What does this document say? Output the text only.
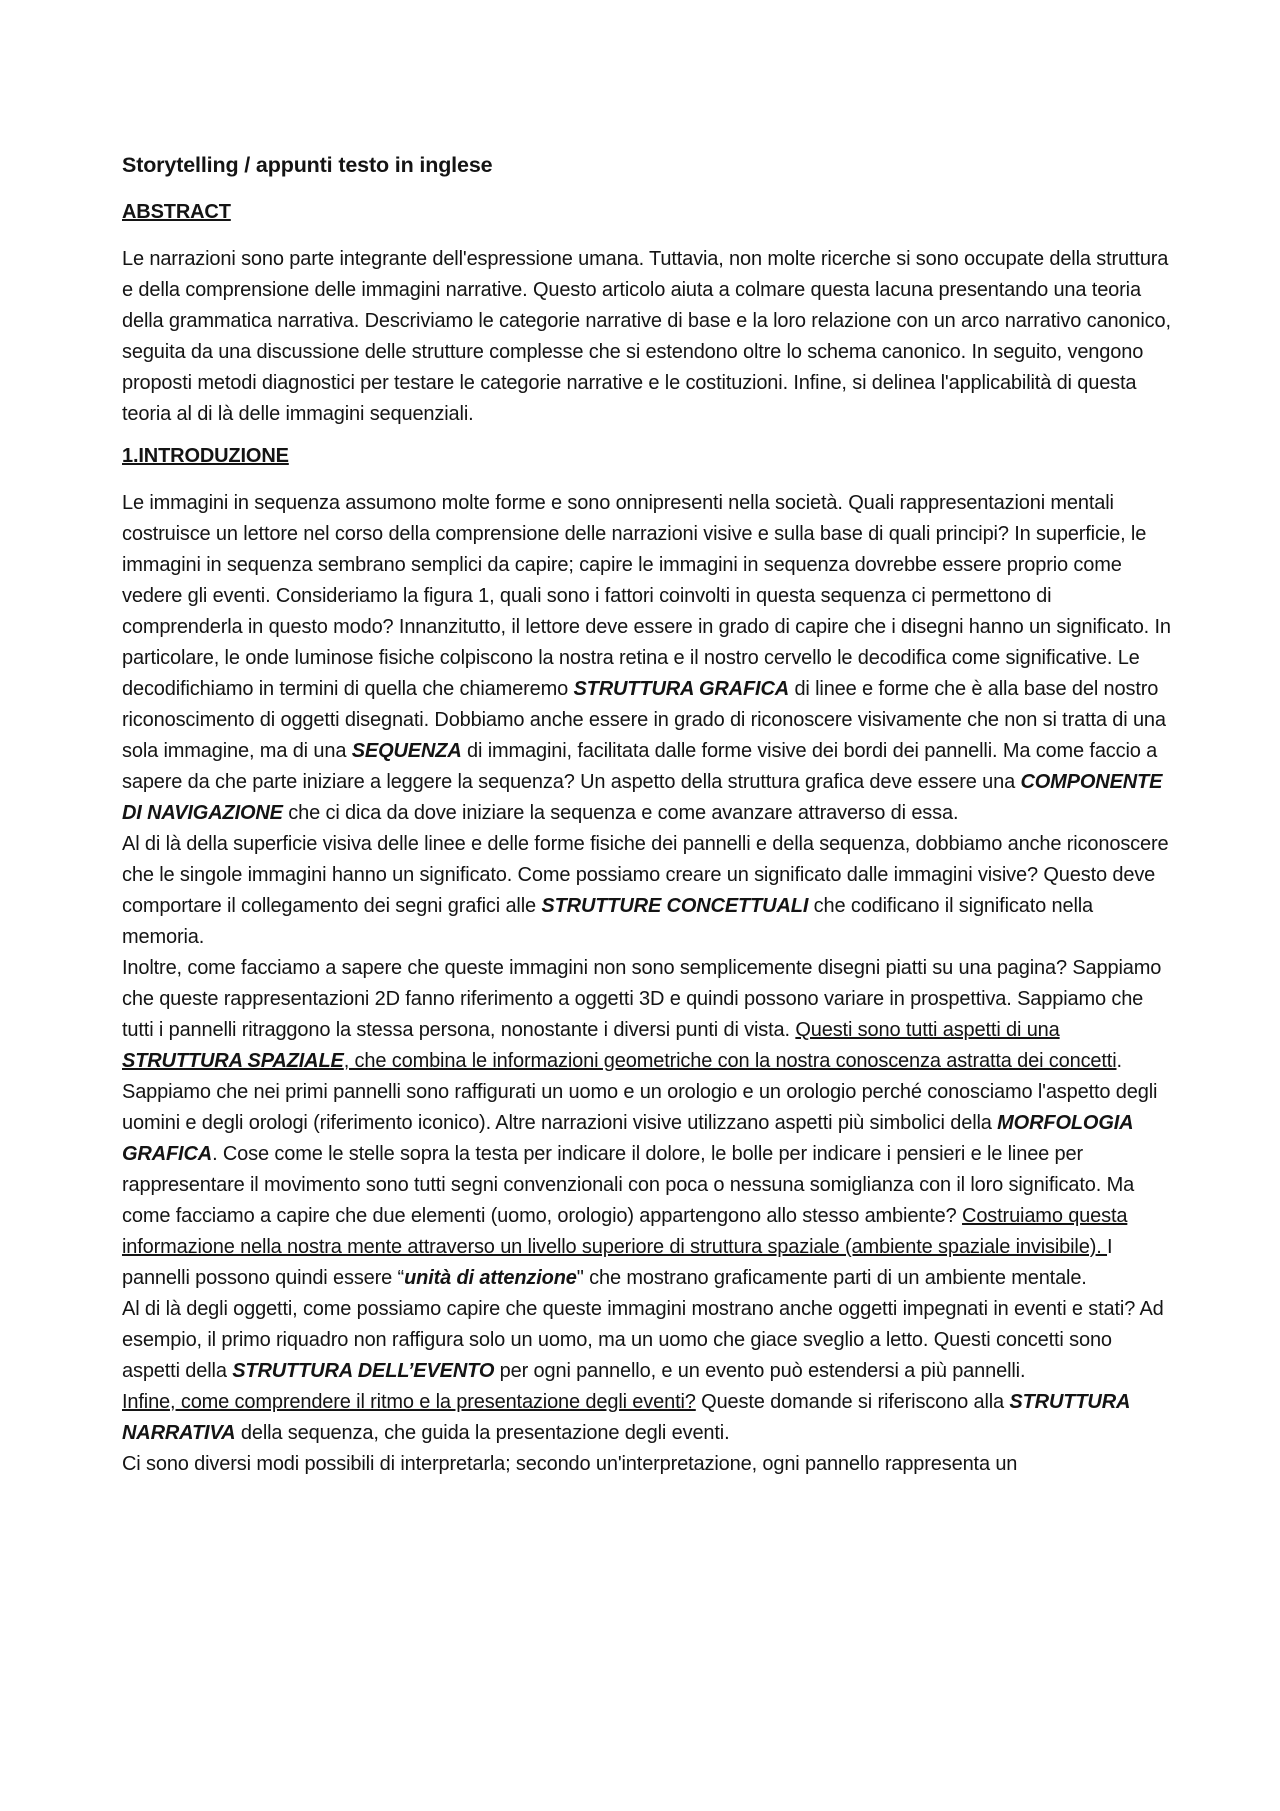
Storytelling / appunti testo in inglese
ABSTRACT
Le narrazioni sono parte integrante dell'espressione umana. Tuttavia, non molte ricerche si sono occupate della struttura e della comprensione delle immagini narrative. Questo articolo aiuta a colmare questa lacuna presentando una teoria della grammatica narrativa. Descriviamo le categorie narrative di base e la loro relazione con un arco narrativo canonico, seguita da una discussione delle strutture complesse che si estendono oltre lo schema canonico. In seguito, vengono proposti metodi diagnostici per testare le categorie narrative e le costituzioni. Infine, si delinea l'applicabilità di questa teoria al di là delle immagini sequenziali.
1.INTRODUZIONE
Le immagini in sequenza assumono molte forme e sono onnipresenti nella società. Quali rappresentazioni mentali costruisce un lettore nel corso della comprensione delle narrazioni visive e sulla base di quali principi? In superficie, le immagini in sequenza sembrano semplici da capire; capire le immagini in sequenza dovrebbe essere proprio come vedere gli eventi. Consideriamo la figura 1, quali sono i fattori coinvolti in questa sequenza ci permettono di comprenderla in questo modo? Innanzitutto, il lettore deve essere in grado di capire che i disegni hanno un significato. In particolare, le onde luminose fisiche colpiscono la nostra retina e il nostro cervello le decodifica come significative. Le decodifichiamo in termini di quella che chiameremo STRUTTURA GRAFICA di linee e forme che è alla base del nostro riconoscimento di oggetti disegnati. Dobbiamo anche essere in grado di riconoscere visivamente che non si tratta di una sola immagine, ma di una SEQUENZA di immagini, facilitata dalle forme visive dei bordi dei pannelli. Ma come faccio a sapere da che parte iniziare a leggere la sequenza? Un aspetto della struttura grafica deve essere una COMPONENTE DI NAVIGAZIONE che ci dica da dove iniziare la sequenza e come avanzare attraverso di essa.
Al di là della superficie visiva delle linee e delle forme fisiche dei pannelli e della sequenza, dobbiamo anche riconoscere che le singole immagini hanno un significato. Come possiamo creare un significato dalle immagini visive? Questo deve comportare il collegamento dei segni grafici alle STRUTTURE CONCETTUALI che codificano il significato nella memoria.
Inoltre, come facciamo a sapere che queste immagini non sono semplicemente disegni piatti su una pagina? Sappiamo che queste rappresentazioni 2D fanno riferimento a oggetti 3D e quindi possono variare in prospettiva. Sappiamo che tutti i pannelli ritraggono la stessa persona, nonostante i diversi punti di vista. Questi sono tutti aspetti di una STRUTTURA SPAZIALE, che combina le informazioni geometriche con la nostra conoscenza astratta dei concetti. Sappiamo che nei primi pannelli sono raffigurati un uomo e un orologio e un orologio perché conosciamo l'aspetto degli uomini e degli orologi (riferimento iconico). Altre narrazioni visive utilizzano aspetti più simbolici della MORFOLOGIA GRAFICA. Cose come le stelle sopra la testa per indicare il dolore, le bolle per indicare i pensieri e le linee per rappresentare il movimento sono tutti segni convenzionali con poca o nessuna somiglianza con il loro significato. Ma come facciamo a capire che due elementi (uomo, orologio) appartengono allo stesso ambiente? Costruiamo questa informazione nella nostra mente attraverso un livello superiore di struttura spaziale (ambiente spaziale invisibile). I pannelli possono quindi essere “unità di attenzione" che mostrano graficamente parti di un ambiente mentale.
Al di là degli oggetti, come possiamo capire che queste immagini mostrano anche oggetti impegnati in eventi e stati? Ad esempio, il primo riquadro non raffigura solo un uomo, ma un uomo che giace sveglio a letto. Questi concetti sono aspetti della STRUTTURA DELL’EVENTO per ogni pannello, e un evento può estendersi a più pannelli.
Infine, come comprendere il ritmo e la presentazione degli eventi? Queste domande si riferiscono alla STRUTTURA NARRATIVA della sequenza, che guida la presentazione degli eventi.
Ci sono diversi modi possibili di interpretarla; secondo un'interpretazione, ogni pannello rappresenta un
